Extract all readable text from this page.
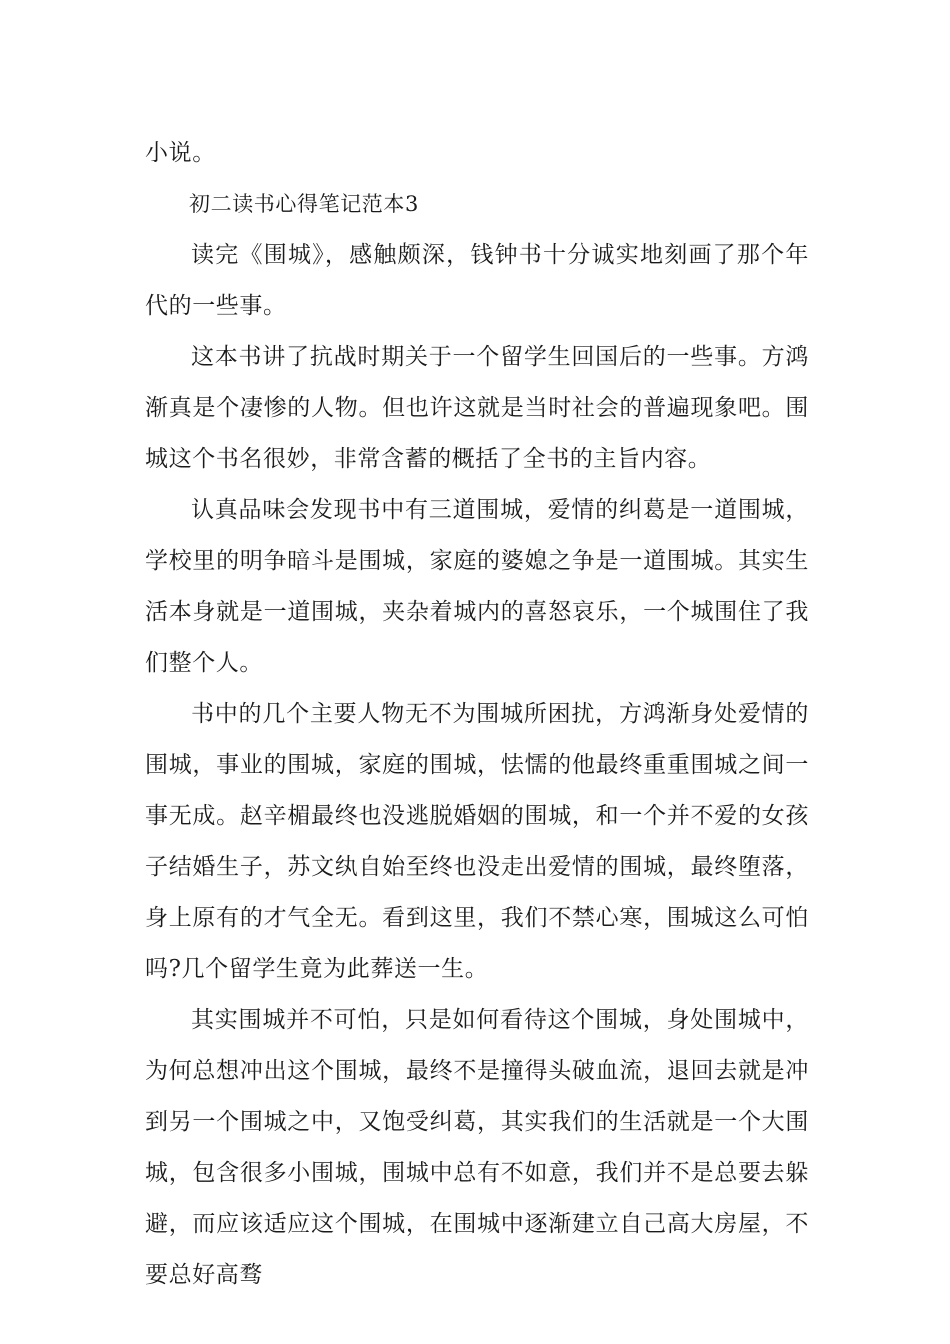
小说。

初二读书心得笔记范本3

读完《围城》，感触颇深，钱钟书十分诚实地刻画了那个年代的一些事。

这本书讲了抗战时期关于一个留学生回国后的一些事。方鸿渐真是个凄惨的人物。但也许这就是当时社会的普遍现象吧。围城这个书名很妙，非常含蓄的概括了全书的主旨内容。

认真品味会发现书中有三道围城，爱情的纠葛是一道围城，学校里的明争暗斗是围城，家庭的婆媳之争是一道围城。其实生活本身就是一道围城，夹杂着城内的喜怒哀乐，一个城围住了我们整个人。

书中的几个主要人物无不为围城所困扰，方鸿渐身处爱情的围城，事业的围城，家庭的围城，怯懦的他最终重重围城之间一事无成。赵辛楣最终也没逃脱婚姻的围城，和一个并不爱的女孩子结婚生子，苏文纨自始至终也没走出爱情的围城，最终堕落，身上原有的才气全无。看到这里，我们不禁心寒，围城这么可怕吗?几个留学生竟为此葬送一生。

其实围城并不可怕，只是如何看待这个围城，身处围城中，为何总想冲出这个围城，最终不是撞得头破血流，退回去就是冲到另一个围城之中，又饱受纠葛，其实我们的生活就是一个大围城，包含很多小围城，围城中总有不如意，我们并不是总要去躲避，而应该适应这个围城，在围城中逐渐建立自己高大房屋，不要总好高骛
